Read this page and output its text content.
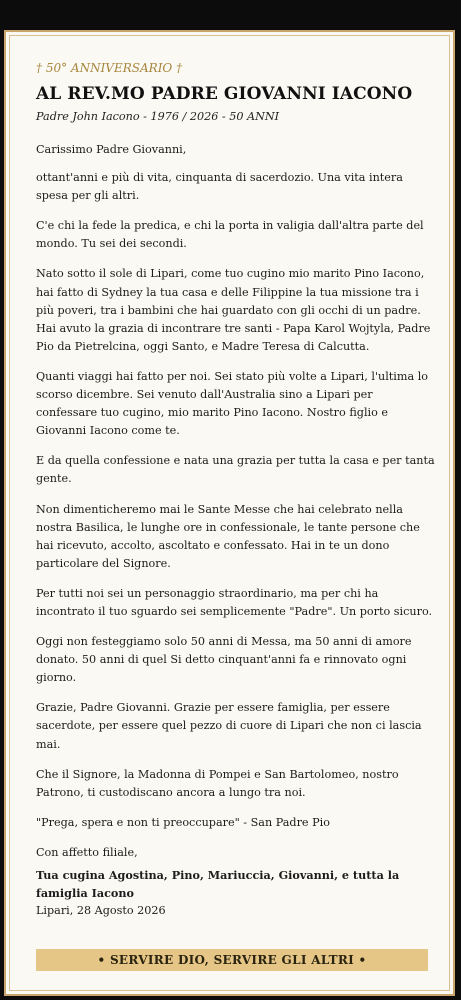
† 50° ANNIVERSARIO †

AL REV.MO PADRE GIOVANNI IACONO

Padre John Iacono - 1976 / 2026 - 50 ANNI

Carissimo Padre Giovanni,

ottant'anni e più di vita, cinquanta di sacerdozio. Una vita intera spesa per gli altri.

C'e chi la fede la predica, e chi la porta in valigia dall'altra parte del mondo. Tu sei dei secondi.

Nato sotto il sole di Lipari, come tuo cugino mio marito Pino Iacono, hai fatto di Sydney la tua casa e delle Filippine la tua missione tra i più poveri, tra i bambini che hai guardato con gli occhi di un padre. Hai avuto la grazia di incontrare tre santi - Papa Karol Wojtyla, Padre Pio da Pietrelcina, oggi Santo, e Madre Teresa di Calcutta.

Quanti viaggi hai fatto per noi. Sei stato più volte a Lipari, l'ultima lo scorso dicembre. Sei venuto dall'Australia sino a Lipari per confessare tuo cugino, mio marito Pino Iacono. Nostro figlio e Giovanni Iacono come te.

E da quella confessione e nata una grazia per tutta la casa e per tanta gente.

Non dimenticheremo mai le Sante Messe che hai celebrato nella nostra Basilica, le lunghe ore in confessionale, le tante persone che hai ricevuto, accolto, ascoltato e confessato. Hai in te un dono particolare del Signore.

Per tutti noi sei un personaggio straordinario, ma per chi ha incontrato il tuo sguardo sei semplicemente "Padre". Un porto sicuro.

Oggi non festeggiamo solo 50 anni di Messa, ma 50 anni di amore donato. 50 anni di quel Si detto cinquant'anni fa e rinnovato ogni giorno.

Grazie, Padre Giovanni. Grazie per essere famiglia, per essere sacerdote, per essere quel pezzo di cuore di Lipari che non ci lascia mai.

Che il Signore, la Madonna di Pompei e San Bartolomeo, nostro Patrono, ti custodiscano ancora a lungo tra noi.

"Prega, spera e non ti preoccupare" - San Padre Pio

Con affetto filiale,

Tua cugina Agostina, Pino, Mariuccia, Giovanni, e tutta la famiglia Iacono

Lipari, 28 Agosto 2026

• SERVIRE DIO, SERVIRE GLI ALTRI •
